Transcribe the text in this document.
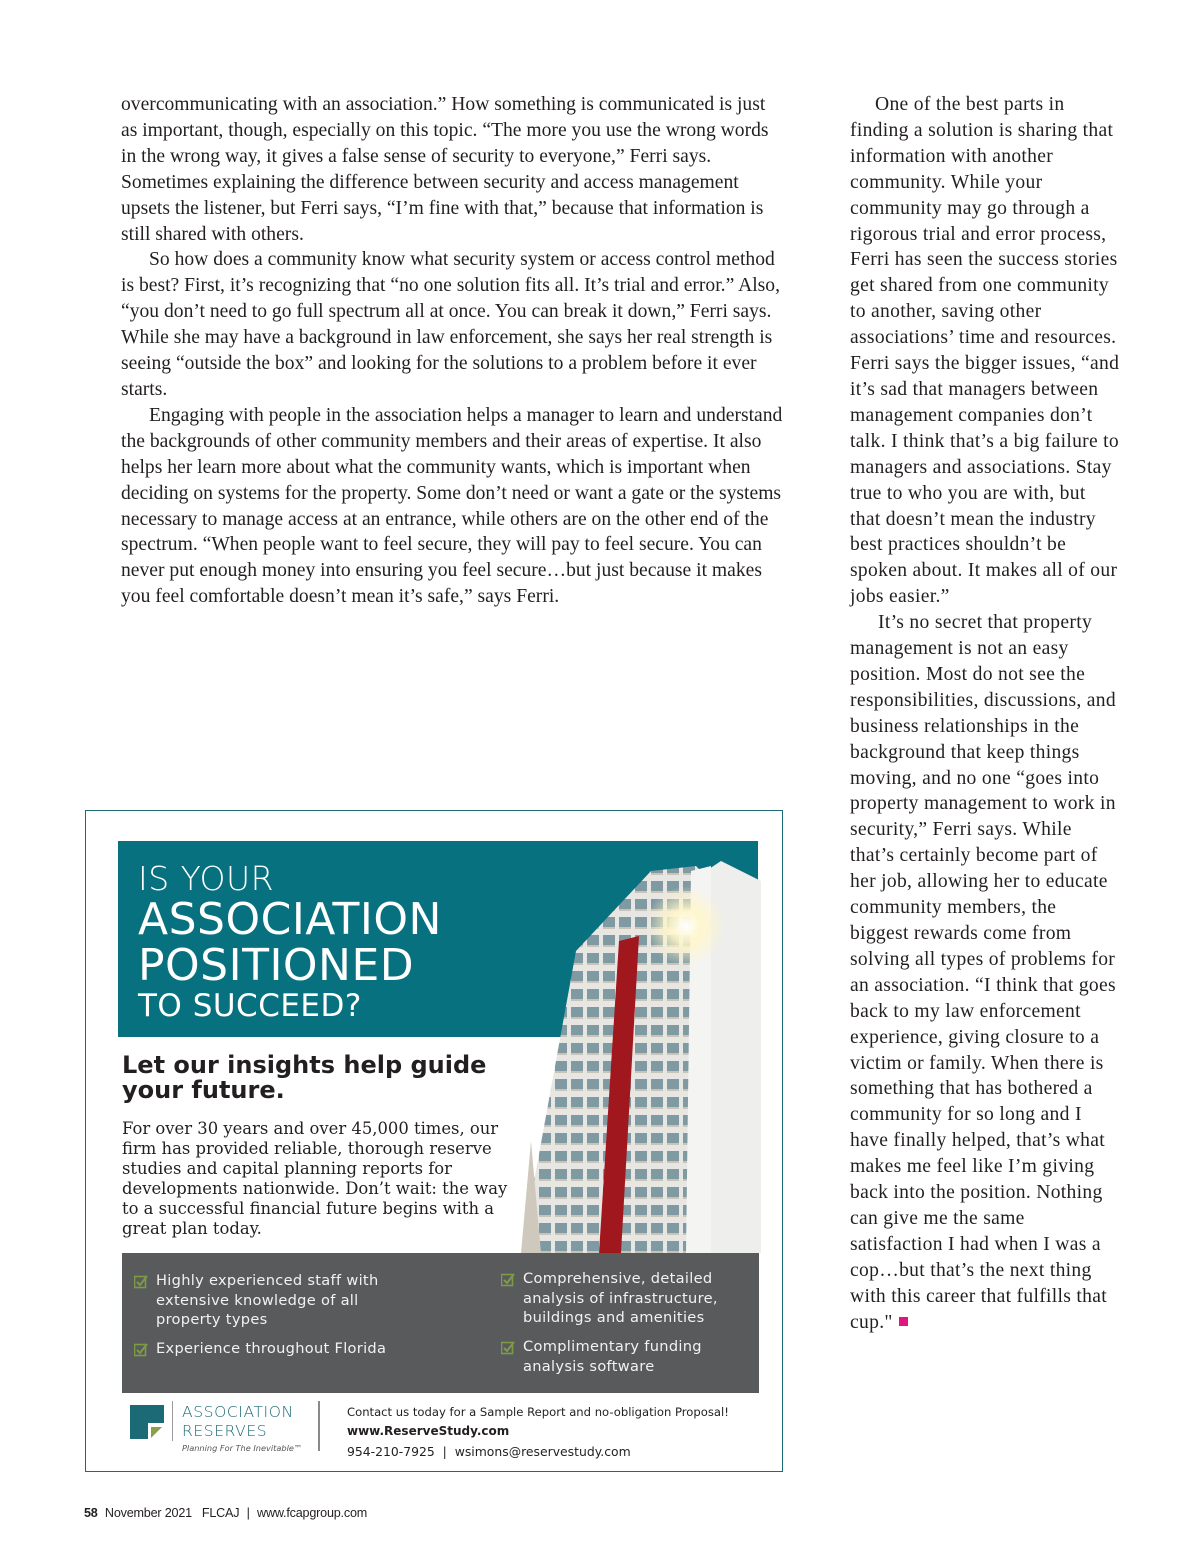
overcommunicating with an association.” How something is communicated is just as important, though, especially on this topic. “The more you use the wrong words in the wrong way, it gives a false sense of security to everyone,” Ferri says. Sometimes explaining the difference between security and access management upsets the listener, but Ferri says, “I’m fine with that,” because that information is still shared with others.

So how does a community know what security system or access control method is best? First, it’s recognizing that “no one solution fits all. It’s trial and error.” Also, “you don’t need to go full spectrum all at once. You can break it down,” Ferri says. While she may have a background in law enforcement, she says her real strength is seeing “outside the box” and looking for the solutions to a problem before it ever starts.

Engaging with people in the association helps a manager to learn and understand the backgrounds of other community members and their areas of expertise. It also helps her learn more about what the community wants, which is important when deciding on systems for the property. Some don’t need or want a gate or the systems necessary to manage access at an entrance, while others are on the other end of the spectrum. “When people want to feel secure, they will pay to feel secure. You can never put enough money into ensuring you feel secure…but just because it makes you feel comfortable doesn’t mean it’s safe,” says Ferri.

One of the best parts in finding a solution is sharing that information with another community. While your community may go through a rigorous trial and error process, Ferri has seen the success stories get shared from one community to another, saving other associations’ time and resources. Ferri says the bigger issues, “and it’s sad that managers between management companies don’t talk. I think that’s a big failure to managers and associations. Stay true to who you are with, but that doesn’t mean the industry best practices shouldn’t be spoken about. It makes all of our jobs easier.”

It’s no secret that property management is not an easy position. Most do not see the responsibilities, discussions, and business relationships in the background that keep things moving, and no one “goes into property management to work in security,” Ferri says. While that’s certainly become part of her job, allowing her to educate community members, the biggest rewards come from solving all types of problems for an association. “I think that goes back to my law enforcement experience, giving closure to a victim or family. When there is something that has bothered a community for so long and I have finally helped, that’s what makes me feel like I’m giving back into the position. Nothing can give me the same satisfaction I had when I was a cop…but that’s the next thing with this career that fulfills that cup."

IS YOUR
ASSOCIATION
POSITIONED
TO SUCCEED?
Let our insights help guide your future.
For over 30 years and over 45,000 times, our firm has provided reliable, thorough reserve studies and capital planning reports for developments nationwide. Don’t wait: the way to a successful financial future begins with a great plan today.
Highly experienced staff with extensive knowledge of all property types
Experience throughout Florida
Comprehensive, detailed analysis of infrastructure, buildings and amenities
Complimentary funding analysis software
ASSOCIATION
RESERVES
Planning For The Inevitable™
Contact us today for a Sample Report and no-obligation Proposal!
www.ReserveStudy.com
954-210-7925  |  wsimons@reservestudy.com
58 November 2021 FLCAJ | www.fcapgroup.com
